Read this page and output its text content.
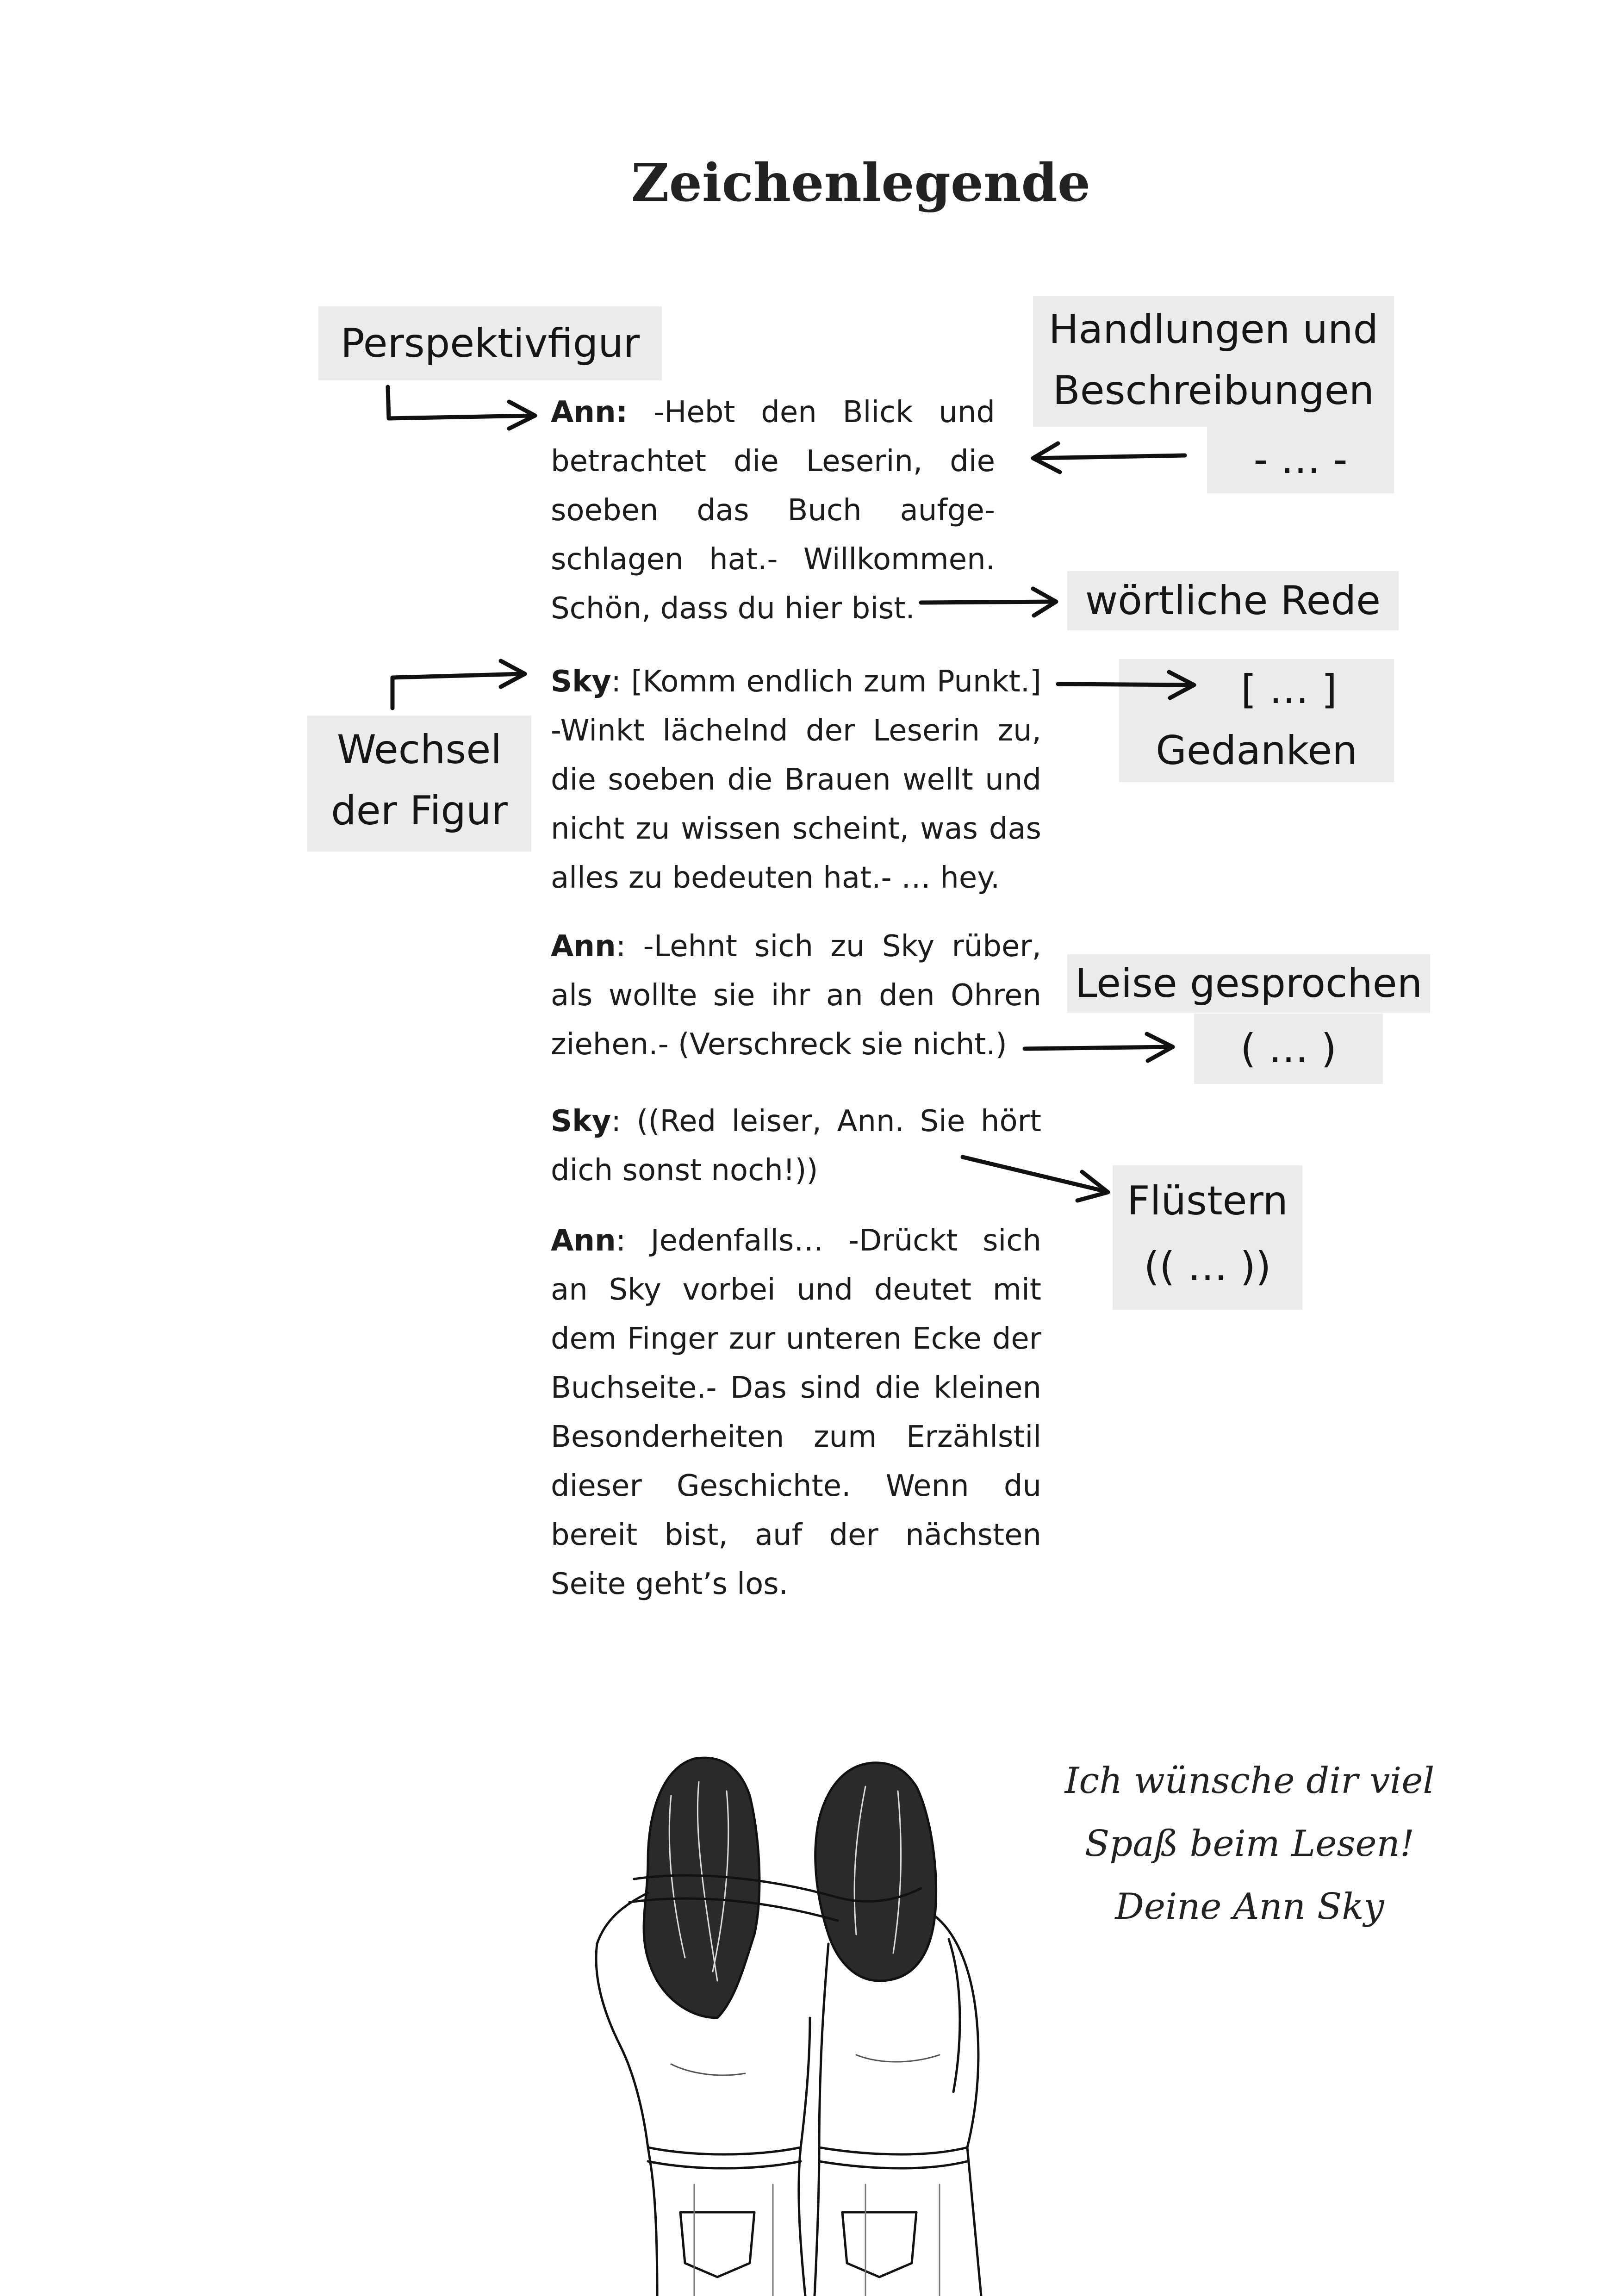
Zeichenlegende
Perspektivfigur	Handlungen und
Beschreibungen
- … -
wörtliche Rede
[ … ]
Gedanken
Wechsel
der Figur
Leise gesprochen
( … )
Flüstern
(( … ))
Ann: -Hebt den Blick und betrachtet die Leserin, die soeben das Buch aufgeschlagen hat.- Willkommen. Schön, dass du hier bist.
Sky: [Komm endlich zum Punkt.] -Winkt lächelnd der Leserin zu, die soeben die Brauen wellt und nicht zu wissen scheint, was das alles zu bedeuten hat.- … hey.
Ann: -Lehnt sich zu Sky rüber, als wollte sie ihr an den Ohren ziehen.- (Verschreck sie nicht.)
Sky: ((Red leiser, Ann. Sie hört dich sonst noch!))
Ann: Jedenfalls… -Drückt sich an Sky vorbei und deutet mit dem Finger zur unteren Ecke der Buchseite.- Das sind die kleinen Besonderheiten zum Erzählstil dieser Geschichte. Wenn du bereit bist, auf der nächsten Seite geht’s los.
Ich wünsche dir viel
Spaß beim Lesen!
Deine Ann Sky
